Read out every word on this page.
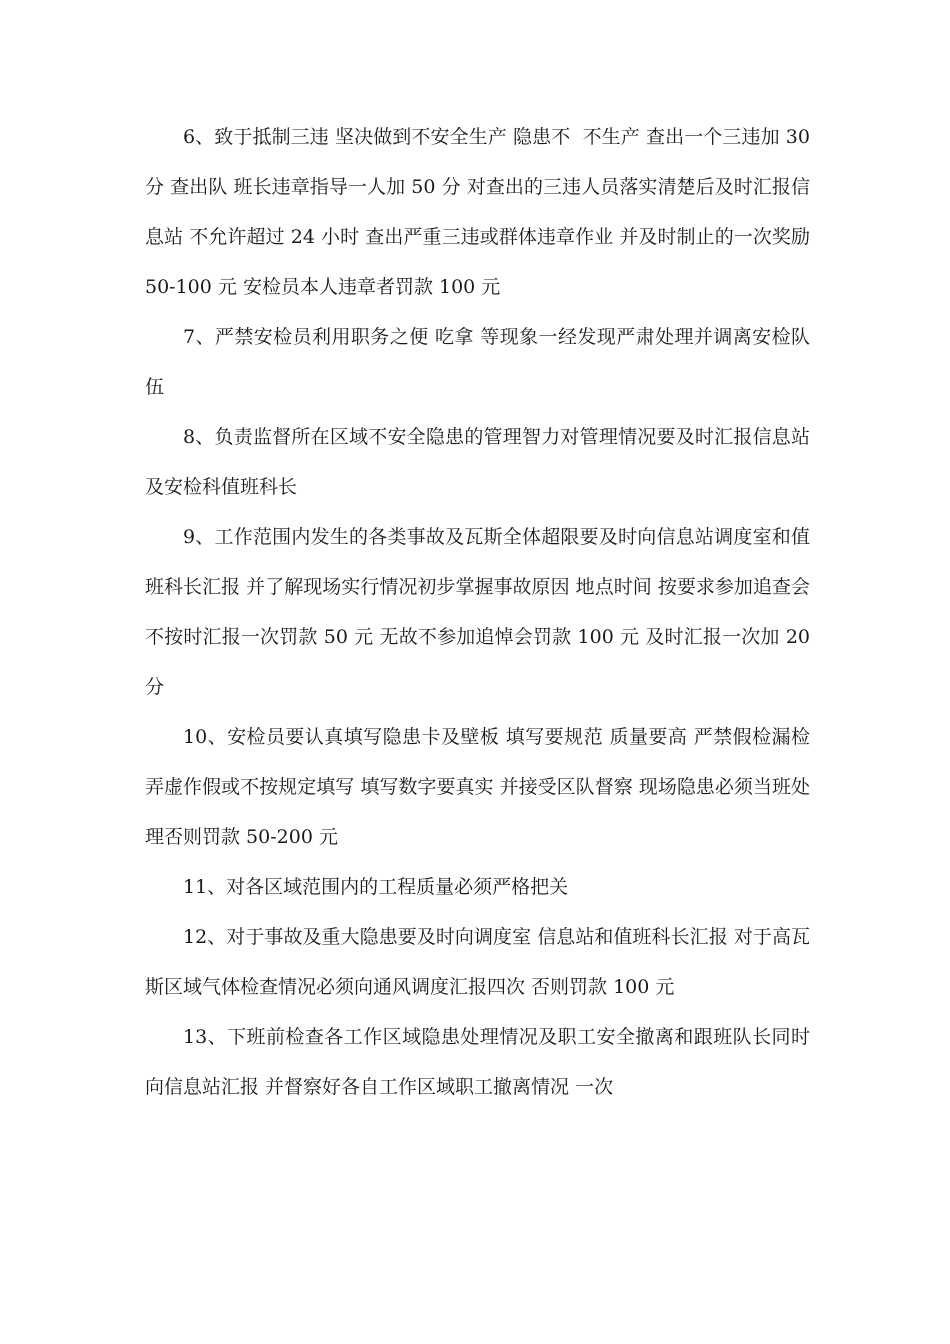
6、致于抵制三违 坚决做到不安全生产 隐患不  不生产 查出一个三违加 30 分 查出队 班长违章指导一人加 50 分 对查出的三违人员落实清楚后及时汇报信息站 不允许超过 24 小时 查出严重三违或群体违章作业 并及时制止的一次奖励 50-100 元 安检员本人违章者罚款 100 元

7、严禁安检员利用职务之便 吃拿 等现象一经发现严肃处理并调离安检队伍

8、负责监督所在区域不安全隐患的管理智力对管理情况要及时汇报信息站及安检科值班科长

9、工作范围内发生的各类事故及瓦斯全体超限要及时向信息站调度室和值班科长汇报 并了解现场实行情况初步掌握事故原因 地点时间 按要求参加追查会 不按时汇报一次罚款 50 元 无故不参加追悼会罚款 100 元 及时汇报一次加 20 分

10、安检员要认真填写隐患卡及壁板 填写要规范 质量要高 严禁假检漏检 弄虚作假或不按规定填写 填写数字要真实 并接受区队督察 现场隐患必须当班处理否则罚款 50-200 元

11、对各区域范围内的工程质量必须严格把关

12、对于事故及重大隐患要及时向调度室 信息站和值班科长汇报 对于高瓦斯区域气体检查情况必须向通风调度汇报四次 否则罚款 100 元

13、下班前检查各工作区域隐患处理情况及职工安全撤离和跟班队长同时向信息站汇报 并督察好各自工作区域职工撤离情况 一次
